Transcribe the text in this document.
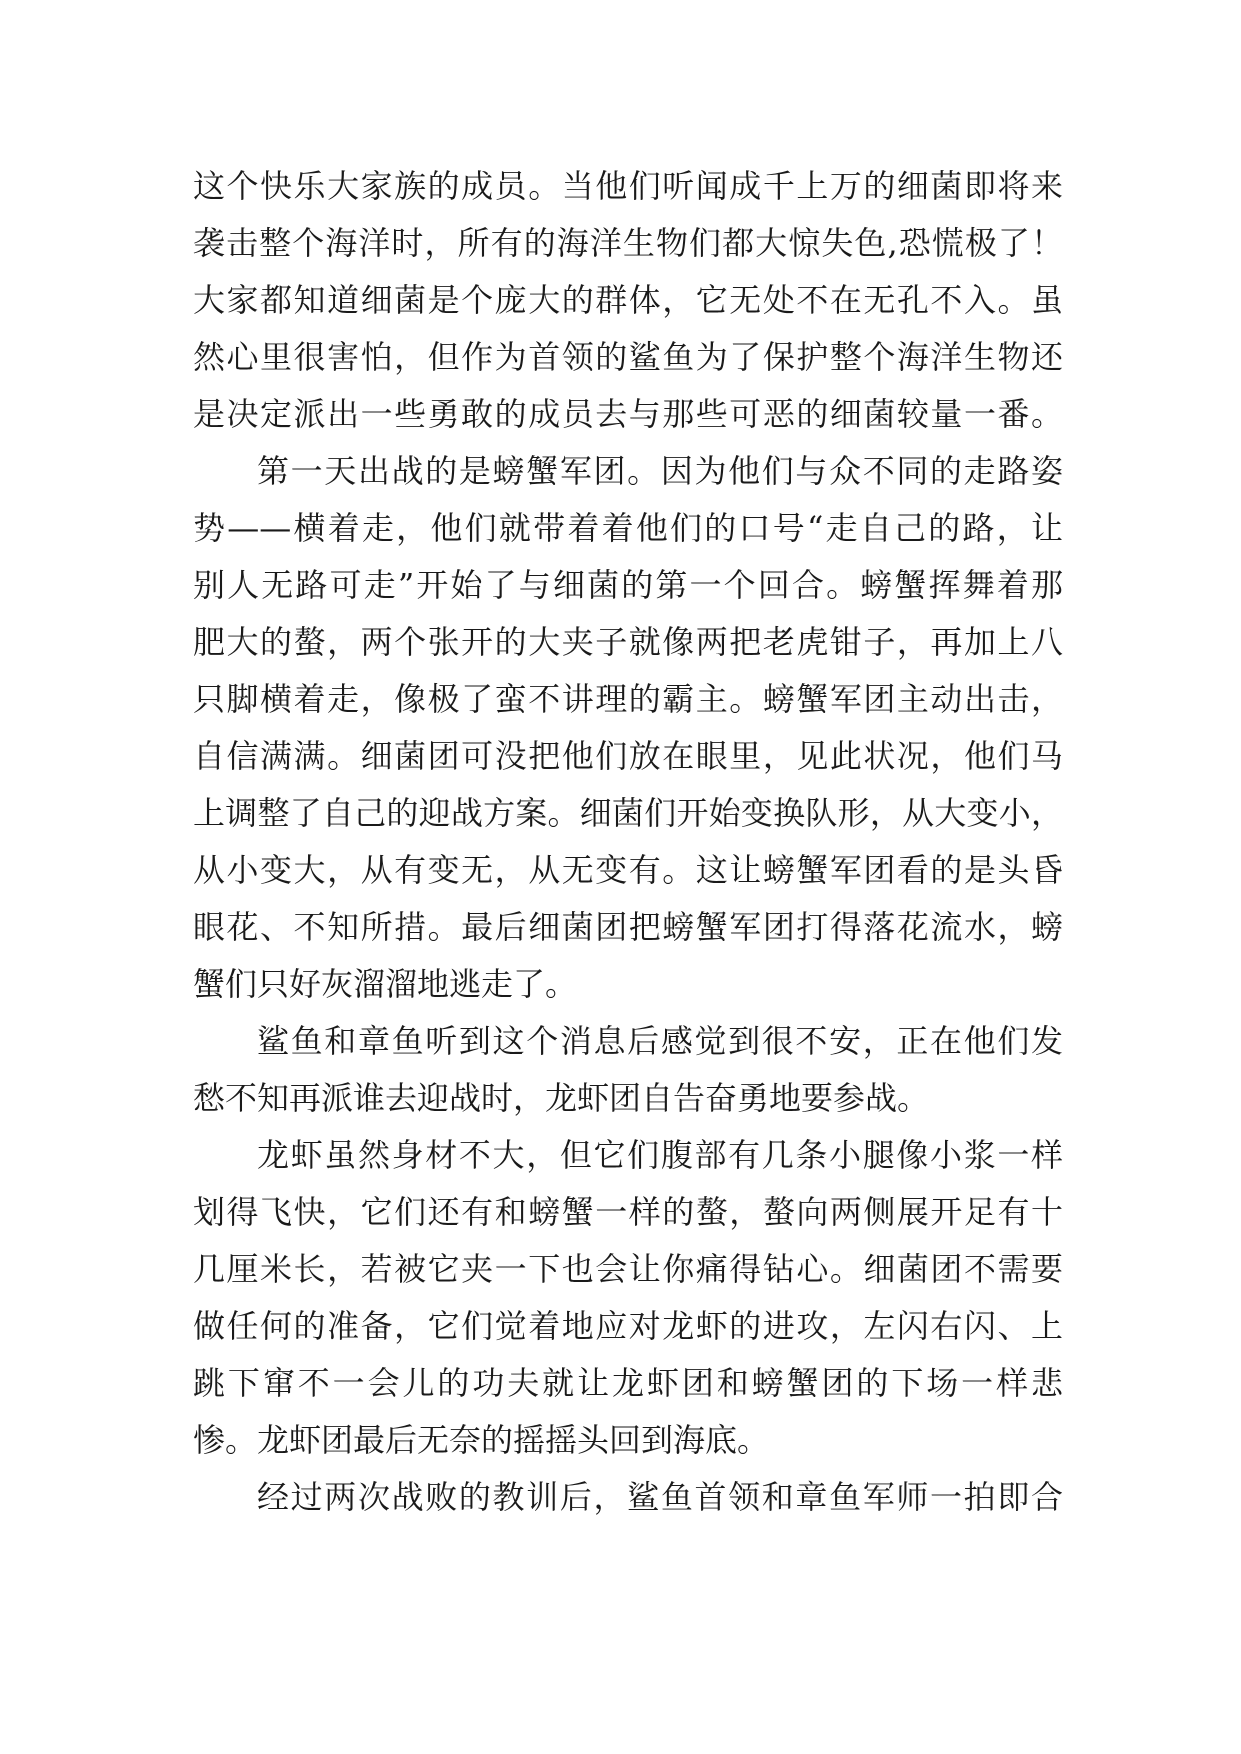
这个快乐大家族的成员。当他们听闻成千上万的细菌即将来
袭击整个海洋时，所有的海洋生物们都大惊失色,恐慌极了！
大家都知道细菌是个庞大的群体，它无处不在无孔不入。虽
然心里很害怕，但作为首领的鲨鱼为了保护整个海洋生物还
是决定派出一些勇敢的成员去与那些可恶的细菌较量一番。
第一天出战的是螃蟹军团。因为他们与众不同的走路姿
势——横着走，他们就带着着他们的口号“走自己的路，让
别人无路可走”开始了与细菌的第一个回合。螃蟹挥舞着那
肥大的螯，两个张开的大夹子就像两把老虎钳子，再加上八
只脚横着走，像极了蛮不讲理的霸主。螃蟹军团主动出击，
自信满满。细菌团可没把他们放在眼里，见此状况，他们马
上调整了自己的迎战方案。细菌们开始变换队形，从大变小，
从小变大，从有变无，从无变有。这让螃蟹军团看的是头昏
眼花、不知所措。最后细菌团把螃蟹军团打得落花流水，螃
蟹们只好灰溜溜地逃走了。
鲨鱼和章鱼听到这个消息后感觉到很不安，正在他们发
愁不知再派谁去迎战时，龙虾团自告奋勇地要参战。
龙虾虽然身材不大，但它们腹部有几条小腿像小浆一样
划得飞快，它们还有和螃蟹一样的螯，螯向两侧展开足有十
几厘米长，若被它夹一下也会让你痛得钻心。细菌团不需要
做任何的准备，它们觉着地应对龙虾的进攻，左闪右闪、上
跳下窜不一会儿的功夫就让龙虾团和螃蟹团的下场一样悲
惨。龙虾团最后无奈的摇摇头回到海底。
经过两次战败的教训后，鲨鱼首领和章鱼军师一拍即合
